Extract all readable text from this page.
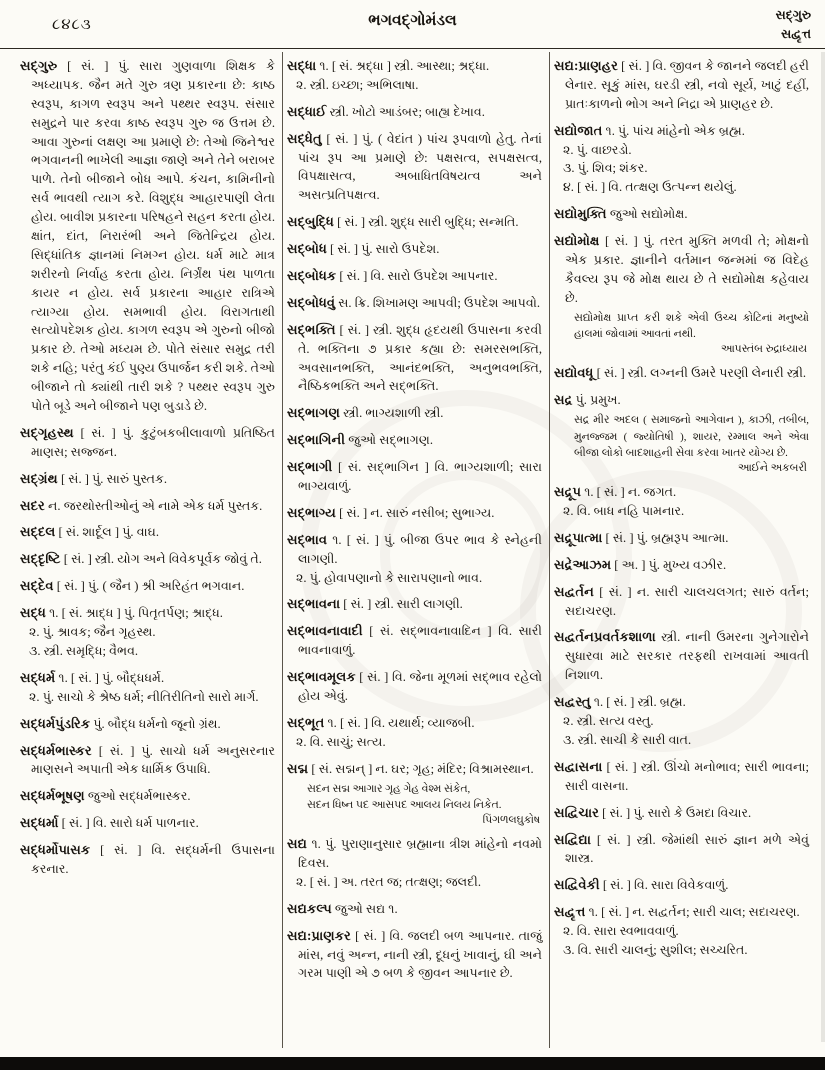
૮૪૮૩	ભગવદ્ગોમંડલ	સદ્ગુરુ
સદ્વૃત્ત

સદ્ગુરુ [ સં. ] પું. સારા ગુણવાળા શિક્ષક કે અધ્યાપક. જૈન મતે ગુરુ ત્રણ પ્રકારના છે: કાષ્ઠ સ્વરૂપ, કાગળ સ્વરૂપ અને પથ્થર સ્વરૂપ. સંસાર સમુદ્રને પાર કરવા કાષ્ઠ સ્વરૂપ ગુરુ જ ઉત્તમ છે. આવા ગુરુનાં લક્ષણ આ પ્રમાણે છે: તેઓ જિનેશ્વર ભગવાનની ભાખેલી આજ્ઞા જાણે અને તેને બરાબર પાળે. તેનો બીજાને બોધ આપે. કંચન, કામિનીનો સર્વ ભાવથી ત્યાગ કરે. વિશુદ્ધ આહારપાણી લેતા હોય. બાવીશ પ્રકારના પરિષહને સહન કરતા હોય. ક્ષાંત, દાંત, નિરારંભી અને જિતેન્દ્રિય હોય. સિદ્ધાંતિક જ્ઞાનમાં નિમગ્ન હોય. ધર્મ માટે માત્ર શરીરનો નિર્વાહ કરતા હોય. નિર્ગ્રંથ પંથ પાળતા કાયર ન હોય. સર્વ પ્રકારના આહાર રાત્રિએ ત્યાગ્યા હોય. સમભાવી હોય. વિરાગતાથી સત્યોપદેશક હોય. કાગળ સ્વરૂપ એ ગુરુનો બીજો પ્રકાર છે. તેઓ મધ્યમ છે. પોતે સંસાર સમુદ્ર તરી શકે નહિ; પરંતુ કંઈ પુણ્ય ઉપાર્જન કરી શકે. તેઓ બીજાને તો ક્યાંથી તારી શકે ? પથ્થર સ્વરૂપ ગુરુ પોતે બૂડે અને બીજાને પણ બુડાડે છે.

સદ્ગૃહસ્થ [ સં. ] પું. કુટુંબકબીલાવાળો પ્રતિષ્ઠિત માણસ; સજ્જન.

સદ્ગ્રંથ [ સં. ] પું. સારું પુસ્તક.

સદર ન. જરથોસ્તીઓનું એ નામે એક ધર્મ પુસ્તક.

સદ્દલ [ સં. શાર્દૂલ ] પું. વાઘ.

સદ્દૃષ્ટિ [ સં. ] સ્ત્રી. યોગ અને વિવેકપૂર્વક જોવું તે.

સદ્દેવ [ સં. ] પું. ( જૈન ) શ્રી અરિહંત ભગવાન.

સદ્ધ ૧. [ સં. શ્રાદ્ધ ] પું. પિતૃતર્પણ; શ્રાદ્ધ.

૨. પું. શ્રાવક; જૈન ગૃહસ્થ.

૩. સ્ત્રી. સમૃદ્ધિ; વૈભવ.

સદ્ધર્મ ૧. [ સં. ] પું. બૌદ્ધધર્મ.

૨. પું. સાચો કે શ્રેષ્ઠ ધર્મ; નીતિરીતિનો સારો માર્ગ.

સદ્ધર્મપુંડરિક પું. બૌદ્ધ ધર્મનો જૂનો ગ્રંથ.

સદ્ધર્મભાસ્કર [ સં. ] પું. સાચો ધર્મ અનુસરનાર માણસને અપાતી એક ધાર્મિક ઉપાધિ.

સદ્ધર્મભૂષણ જુઓ સદ્ધર્મભાસ્કર.

સદ્ધર્મા [ સં. ] વિ. સારો ધર્મ પાળનાર.

સદ્ધર્મોપાસક [ સં. ] વિ. સદ્ધર્મની ઉપાસના કરનાર.

સદ્ધા ૧. [ સં. શ્રદ્ધા ] સ્ત્રી. આસ્થા; શ્રદ્ધા.

૨. સ્ત્રી. ઇચ્છા; અભિલાષા.

સદ્ધાઈ સ્ત્રી. ખોટો આડંબર; બાહ્ય દેખાવ.

સદ્ધેતુ [ સં. ] પું. ( વેદાંત ) પાંચ રૂપવાળો હેતુ. તેનાં પાંચ રૂપ આ પ્રમાણે છે: પક્ષસત્વ, સપક્ષસત્વ, વિપક્ષાસત્વ, અબાધિતવિષયત્વ અને અસત્પ્રતિપક્ષત્વ.

સદ્બુદ્ધિ [ સં. ] સ્ત્રી. શુદ્ધ સારી બુદ્ધિ; સન્મતિ.

સદ્બોધ [ સં. ] પું. સારો ઉપદેશ.

સદ્બોધક [ સં. ] વિ. સારો ઉપદેશ આપનાર.

સદ્બોધવું સ. ક્રિ. શિખામણ આપવી; ઉપદેશ આપવો.

સદ્ભક્તિ [ સં. ] સ્ત્રી. શુદ્ધ હૃદયથી ઉપાસના કરવી તે. ભક્તિના ૭ પ્રકાર કહ્યા છે: સમરસભક્તિ, અવસાનભક્તિ, આનંદભક્તિ, અનુભવભક્તિ, નૈષ્ઠિકભક્તિ અને સદ્ભક્તિ.

સદ્ભાગણ સ્ત્રી. ભાગ્યશાળી સ્ત્રી.

સદ્ભાગિની જુઓ સદ્ભાગણ.

સદ્ભાગી [ સં. સદ્ભાગિન ] વિ. ભાગ્યશાળી; સારા ભાગ્યવાળું.

સદ્ભાગ્ય [ સં. ] ન. સારું નસીબ; સુભાગ્ય.

સદ્ભાવ ૧. [ સં. ] પું. બીજા ઉપર ભાવ કે સ્નેહની લાગણી.

૨. પું. હોવાપણાનો કે સારાપણાનો ભાવ.

સદ્ભાવના [ સં. ] સ્ત્રી. સારી લાગણી.

સદ્ભાવનાવાદી [ સં. સદ્ભાવનાવાદિન ] વિ. સારી ભાવનાવાળું.

સદ્ભાવમૂલક [ સં. ] વિ. જેના મૂળમાં સદ્ભાવ રહેલો હોય એવું.

સદ્ભૂત ૧. [ સં. ] વિ. યથાર્થ; વ્યાજબી.

૨. વિ. સાચું; સત્ય.

સદ્મ [ સં. સદ્મન્ ] ન. ઘર; ગૃહ; મંદિર; વિશ્રામસ્થાન.

સદન સદ્મ આગાર ગૃહ ગેહ વેશ્મ સંકેત,

સદન ધિષ્ન પદ આસપદ આલય નિલય નિકેત.

પિંગળલઘુકોષ

સદ્ય ૧. પું. પુરાણાનુસાર બ્રહ્માના ત્રીશ માંહેનો નવમો દિવસ.

૨. [ સં. ] અ. તરત જ; તત્ક્ષણ; જલદી.

સદ્યકલ્પ જુઓ સદ્ય ૧.

સદ્ય:પ્રાણકર [ સં. ] વિ. જલદી બળ આપનાર. તાજું માંસ, નવું અન્ન, નાની સ્ત્રી, દૂધનું ખાવાનું, ઘી અને ગરમ પાણી એ ૭ બળ કે જીવન આપનાર છે.

સદ્ય:પ્રાણહર [ સં. ] વિ. જીવન કે જાનને જલદી હરી લેનાર. સૂકું માંસ, ઘરડી સ્ત્રી, નવો સૂર્ય, ખાટું દહીં, પ્રાતઃકાળનો ભોગ અને નિદ્રા એ પ્રાણહર છે.

સદ્યોજાત ૧. પું. પાંચ માંહેનો એક બ્રહ્મ.

૨. પું. વાછરડો.

૩. પું. શિવ; શંકર.

૪. [ સં. ] વિ. તત્ક્ષણ ઉત્પન્ન થયેલું.

સદ્યોમુક્તિ જુઓ સદ્યોમોક્ષ.

સદ્યોમોક્ષ [ સં. ] પું. તરત મુક્તિ મળવી તે; મોક્ષનો એક પ્રકાર. જ્ઞાનીને વર્તમાન જન્મમાં જ વિદેહ કૈવલ્ય રૂપ જે મોક્ષ થાય છે તે સદ્યોમોક્ષ કહેવાય છે.

સદ્યોમોક્ષ પ્રાપ્ત કરી શકે એવી ઉચ્ચ કોટિનાં મનુષ્યો હાલમાં જોવામાં આવતાં નથી.

આપસ્તંબ રુદ્રાધ્યાય

સદ્યોવધૂ [ સં. ] સ્ત્રી. લગ્નની ઉમરે પરણી લેનારી સ્ત્રી.

સદ્ર પું. પ્રમુખ.

સદ્ર મીર અદલ ( સમાજનો આગેવાન ), કાઝી, તબીબ, મુનજ્જમ ( જ્યોતિષી ), શાયર, રમ્માલ અને એવા બીજા લોકો બાદશાહની સેવા કરવા ખાતર યોગ્ય છે.

આઈને અકબરી

સદ્રૂપ ૧. [ સં. ] ન. જગત.

૨. વિ. બાધ નહિ પામનાર.

સદ્રૂપાત્મા [ સં. ] પું. બ્રહ્મરૂપ આત્મા.

સદ્રેઆઝમ [ અ. ] પું. મુખ્ય વઝીર.

સદ્વર્તન [ સં. ] ન. સારી ચાલચલગત; સારું વર્તન; સદાચરણ.

સદ્વર્તનપ્રવર્તકશાળા સ્ત્રી. નાની ઉમરના ગુનેગારોને સુધારવા માટે સરકાર તરફથી રાખવામાં આવતી નિશાળ.

સદ્વસ્તુ ૧. [ સં. ] સ્ત્રી. બ્રહ્મ.

૨. સ્ત્રી. સત્ય વસ્તુ.

૩. સ્ત્રી. સાચી કે સારી વાત.

સદ્વાસના [ સં. ] સ્ત્રી. ઊંચો મનોભાવ; સારી ભાવના; સારી વાસના.

સદ્વિચાર [ સં. ] પું. સારો કે ઉમદા વિચાર.

સદ્વિદ્યા [ સં. ] સ્ત્રી. જેમાંથી સારું જ્ઞાન મળે એવું શાસ્ત્ર.

સદ્વિવેકી [ સં. ] વિ. સારા વિવેકવાળું.

સદ્વૃત્ત ૧. [ સં. ] ન. સદ્વર્તન; સારી ચાલ; સદાચરણ.

૨. વિ. સારા સ્વભાવવાળું.

૩. વિ. સારી ચાલનું; સુશીલ; સચ્ચરિત.
